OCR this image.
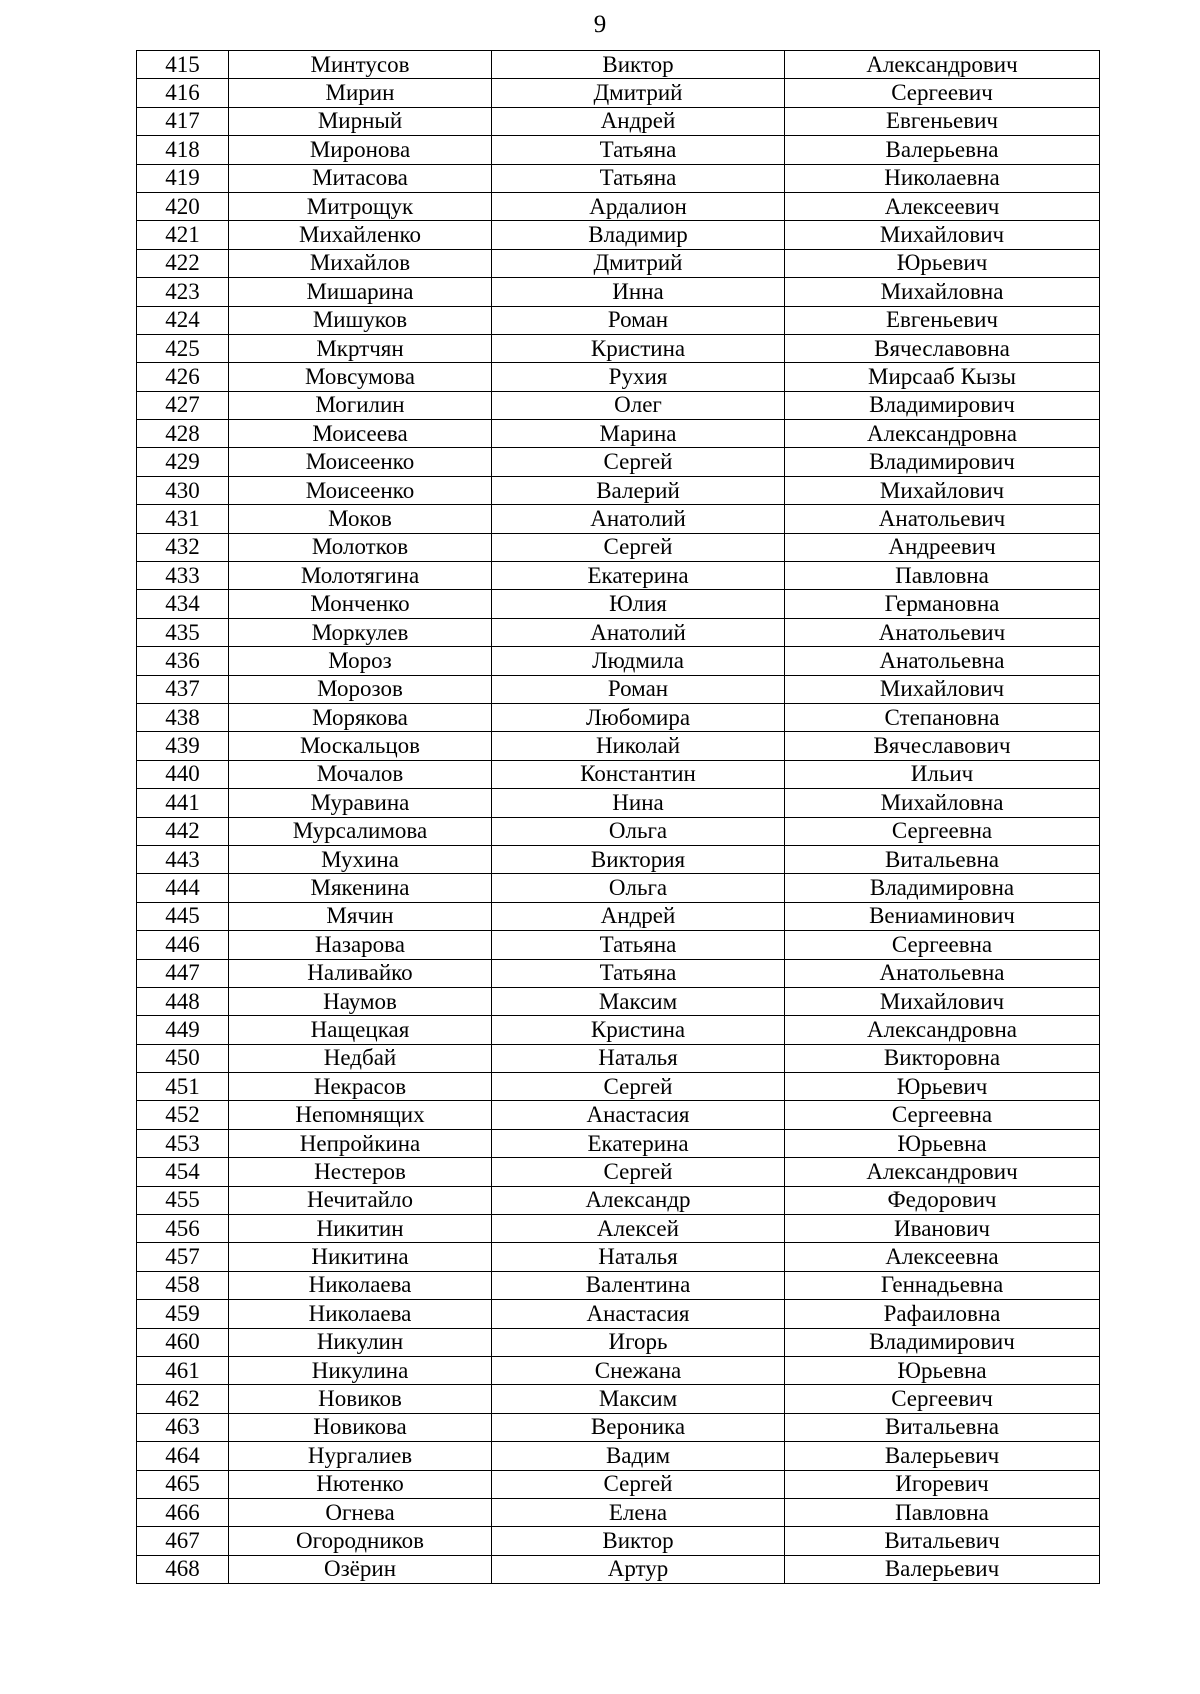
9
415	Минтусов	Виктор	Александрович
416	Мирин	Дмитрий	Сергеевич
417	Мирный	Андрей	Евгеньевич
418	Миронова	Татьяна	Валерьевна
419	Митасова	Татьяна	Николаевна
420	Митрощук	Ардалион	Алексеевич
421	Михайленко	Владимир	Михайлович
422	Михайлов	Дмитрий	Юрьевич
423	Мишарина	Инна	Михайловна
424	Мишуков	Роман	Евгеньевич
425	Мкртчян	Кристина	Вячеславовна
426	Мовсумова	Рухия	Мирсааб Кызы
427	Могилин	Олег	Владимирович
428	Моисеева	Марина	Александровна
429	Моисеенко	Сергей	Владимирович
430	Моисеенко	Валерий	Михайлович
431	Моков	Анатолий	Анатольевич
432	Молотков	Сергей	Андреевич
433	Молотягина	Екатерина	Павловна
434	Монченко	Юлия	Германовна
435	Моркулев	Анатолий	Анатольевич
436	Мороз	Людмила	Анатольевна
437	Морозов	Роман	Михайлович
438	Морякова	Любомира	Степановна
439	Москальцов	Николай	Вячеславович
440	Мочалов	Константин	Ильич
441	Муравина	Нина	Михайловна
442	Мурсалимова	Ольга	Сергеевна
443	Мухина	Виктория	Витальевна
444	Мякенина	Ольга	Владимировна
445	Мячин	Андрей	Вениаминович
446	Назарова	Татьяна	Сергеевна
447	Наливайко	Татьяна	Анатольевна
448	Наумов	Максим	Михайлович
449	Нащецкая	Кристина	Александровна
450	Недбай	Наталья	Викторовна
451	Некрасов	Сергей	Юрьевич
452	Непомнящих	Анастасия	Сергеевна
453	Непройкина	Екатерина	Юрьевна
454	Нестеров	Сергей	Александрович
455	Нечитайло	Александр	Федорович
456	Никитин	Алексей	Иванович
457	Никитина	Наталья	Алексеевна
458	Николаева	Валентина	Геннадьевна
459	Николаева	Анастасия	Рафаиловна
460	Никулин	Игорь	Владимирович
461	Никулина	Снежана	Юрьевна
462	Новиков	Максим	Сергеевич
463	Новикова	Вероника	Витальевна
464	Нургалиев	Вадим	Валерьевич
465	Нютенко	Сергей	Игоревич
466	Огнева	Елена	Павловна
467	Огородников	Виктор	Витальевич
468	Озёрин	Артур	Валерьевич
